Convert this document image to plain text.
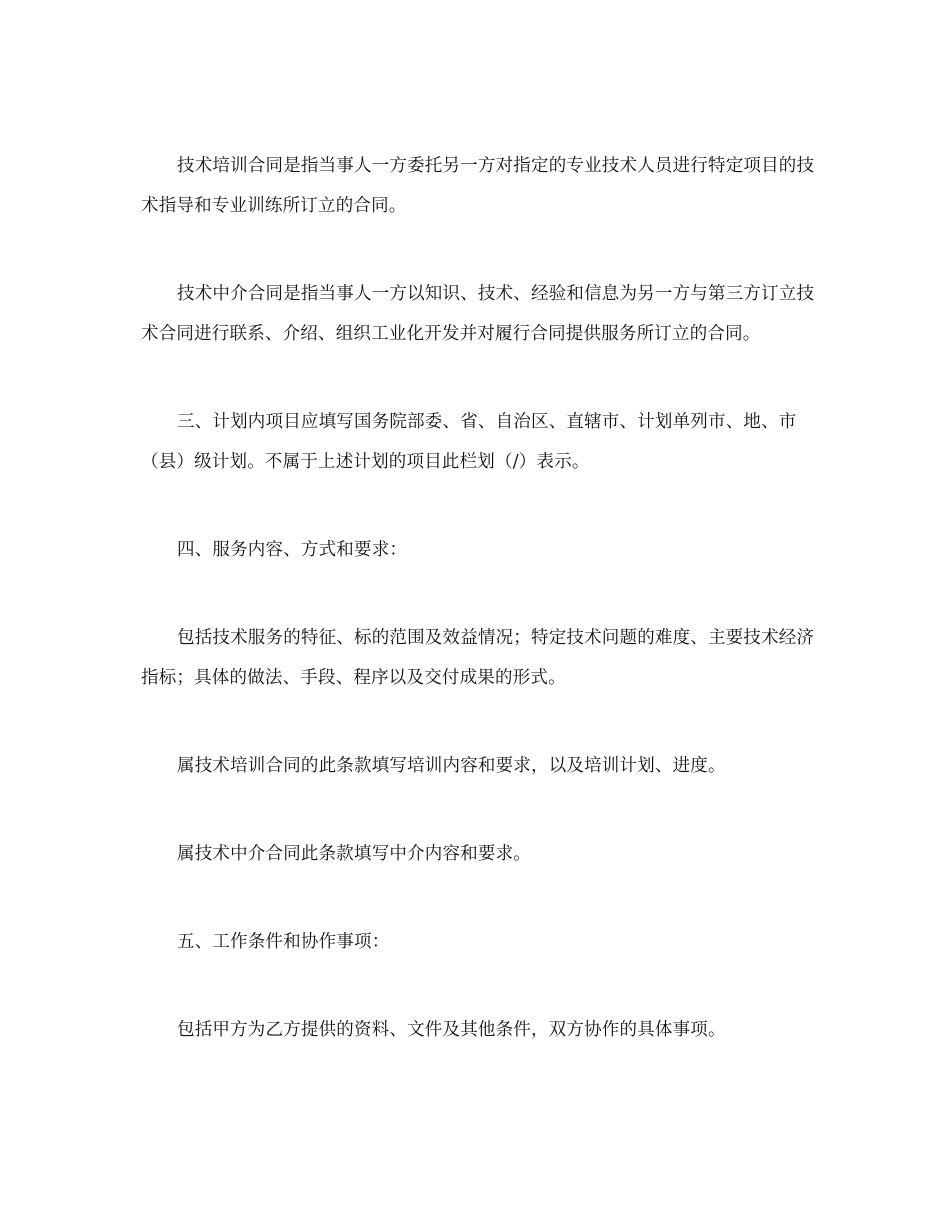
技术培训合同是指当事人一方委托另一方对指定的专业技术人员进行特定项目的技术指导和专业训练所订立的合同。

技术中介合同是指当事人一方以知识、技术、经验和信息为另一方与第三方订立技术合同进行联系、介绍、组织工业化开发并对履行合同提供服务所订立的合同。

三、计划内项目应填写国务院部委、省、自治区、直辖市、计划单列市、地、市（县）级计划。不属于上述计划的项目此栏划（/）表示。

四、服务内容、方式和要求：

包括技术服务的特征、标的范围及效益情况；特定技术问题的难度、主要技术经济指标；具体的做法、手段、程序以及交付成果的形式。

属技术培训合同的此条款填写培训内容和要求，以及培训计划、进度。

属技术中介合同此条款填写中介内容和要求。

五、工作条件和协作事项：

包括甲方为乙方提供的资料、文件及其他条件，双方协作的具体事项。
